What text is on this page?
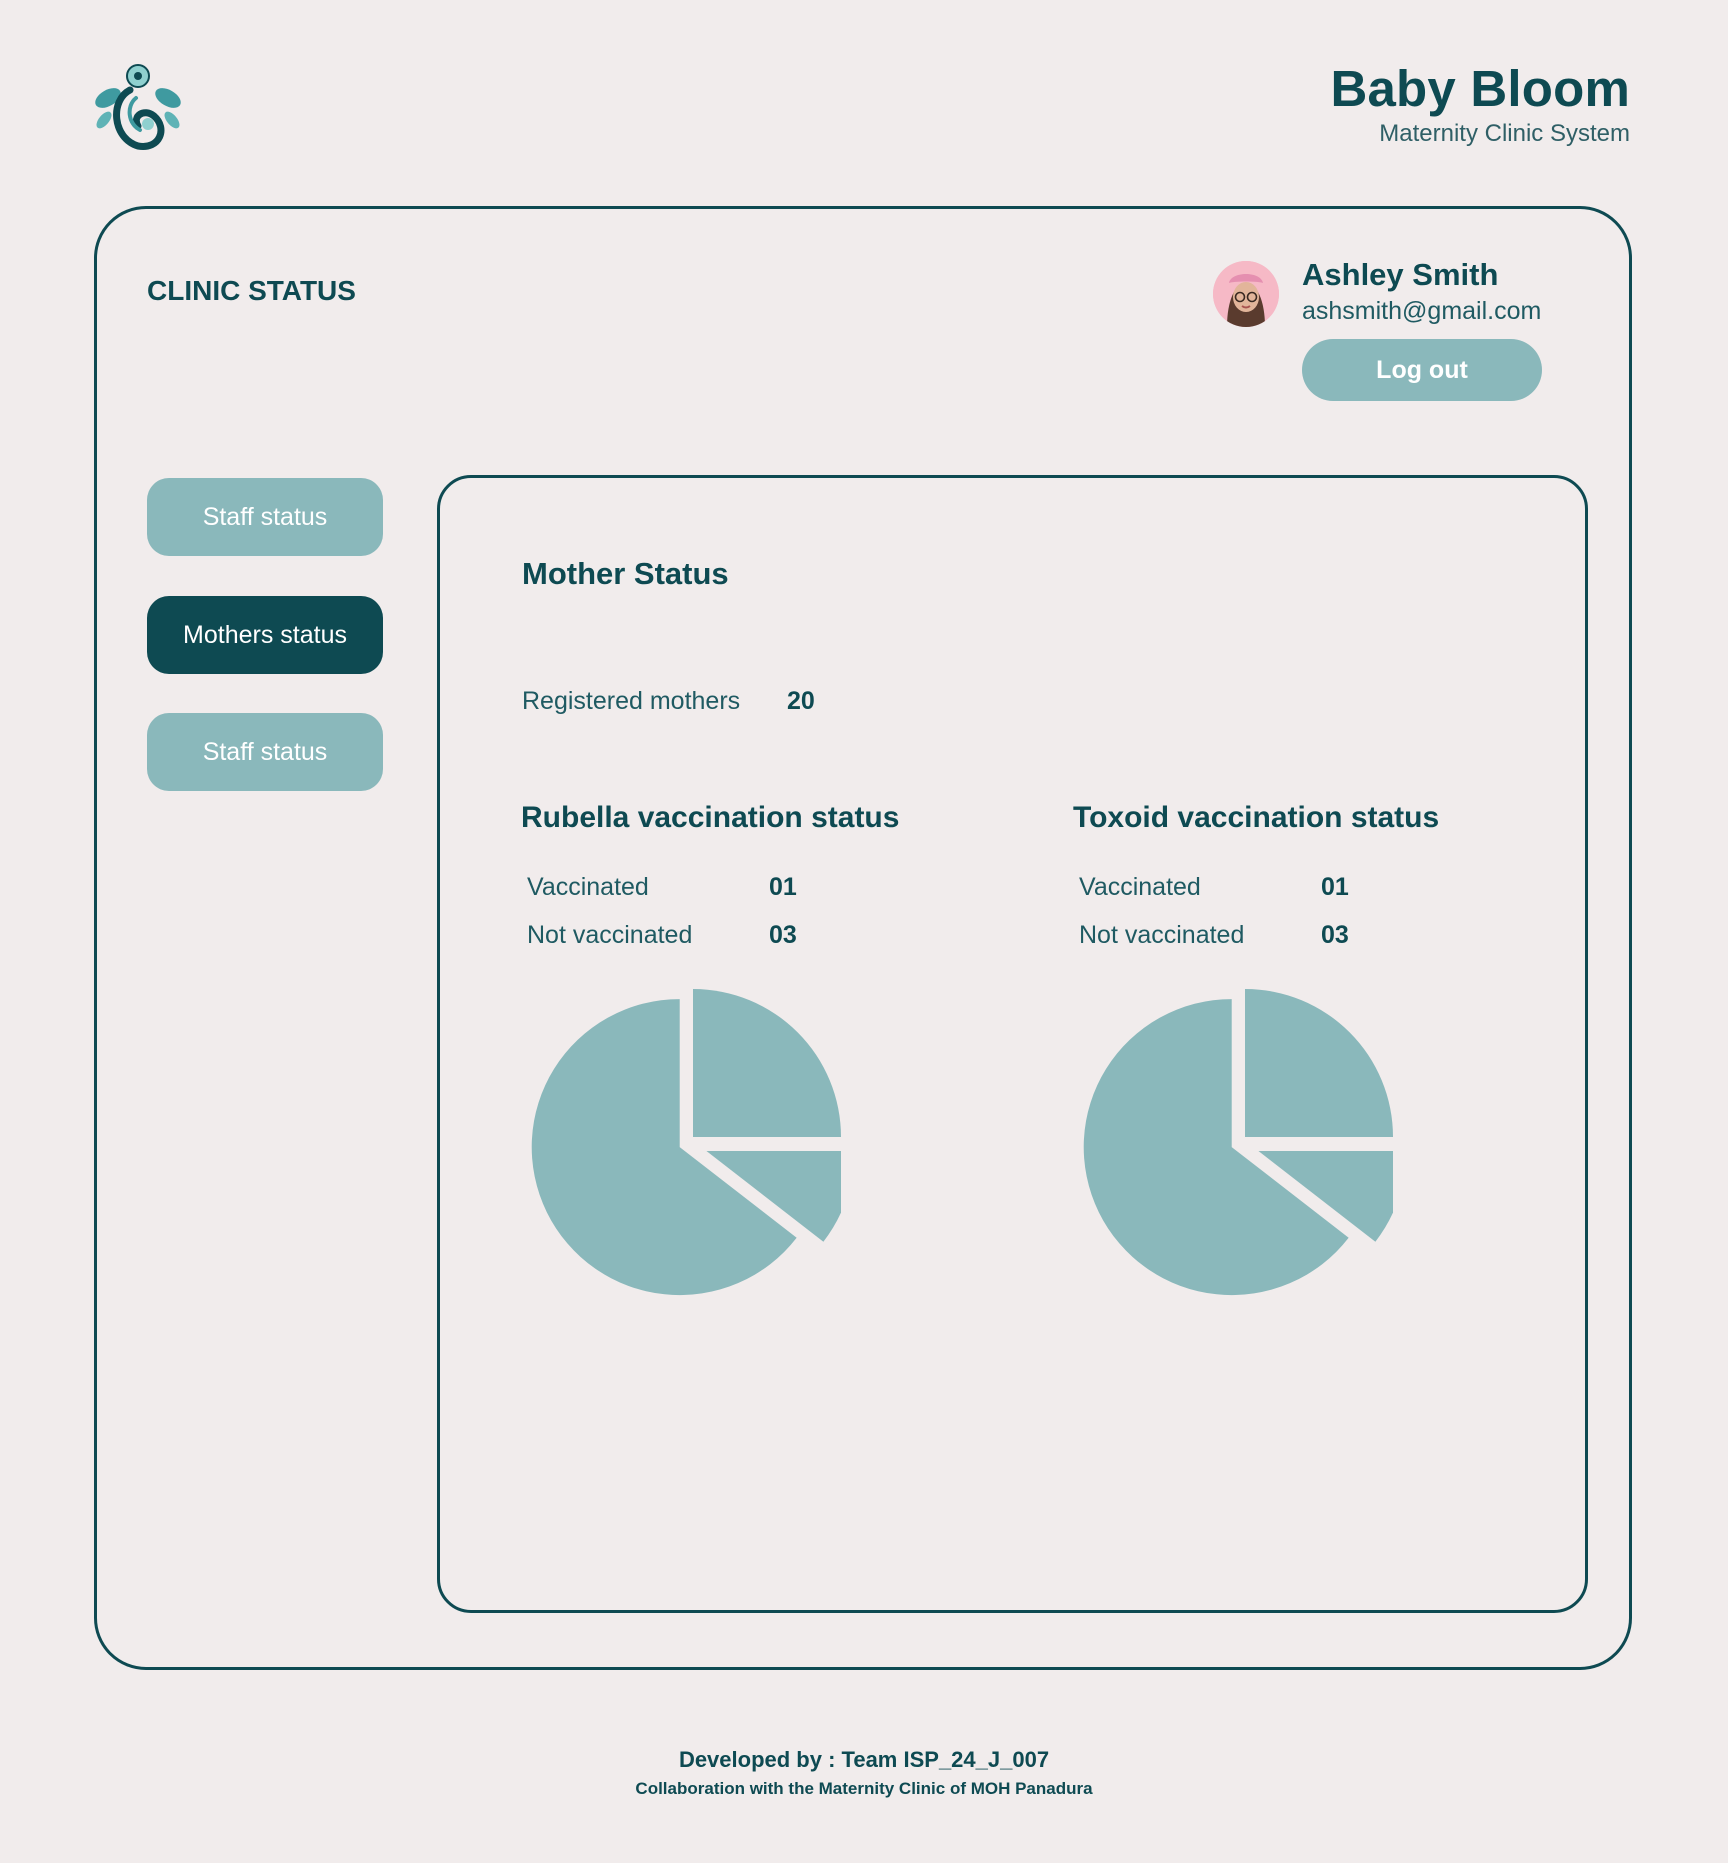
Baby Bloom
Maternity Clinic System
CLINIC STATUS	Ashley Smith
ashsmith@gmail.com
Log out
Staff status
Mothers status
Staff status
Mother Status
Registered mothers 20
Rubella vaccination status
Vaccinated	01
Not vaccinated	03
Toxoid vaccination status
Vaccinated	01
Not vaccinated	03
Developed by : Team ISP_24_J_007
Collaboration with the Maternity Clinic of MOH Panadura
